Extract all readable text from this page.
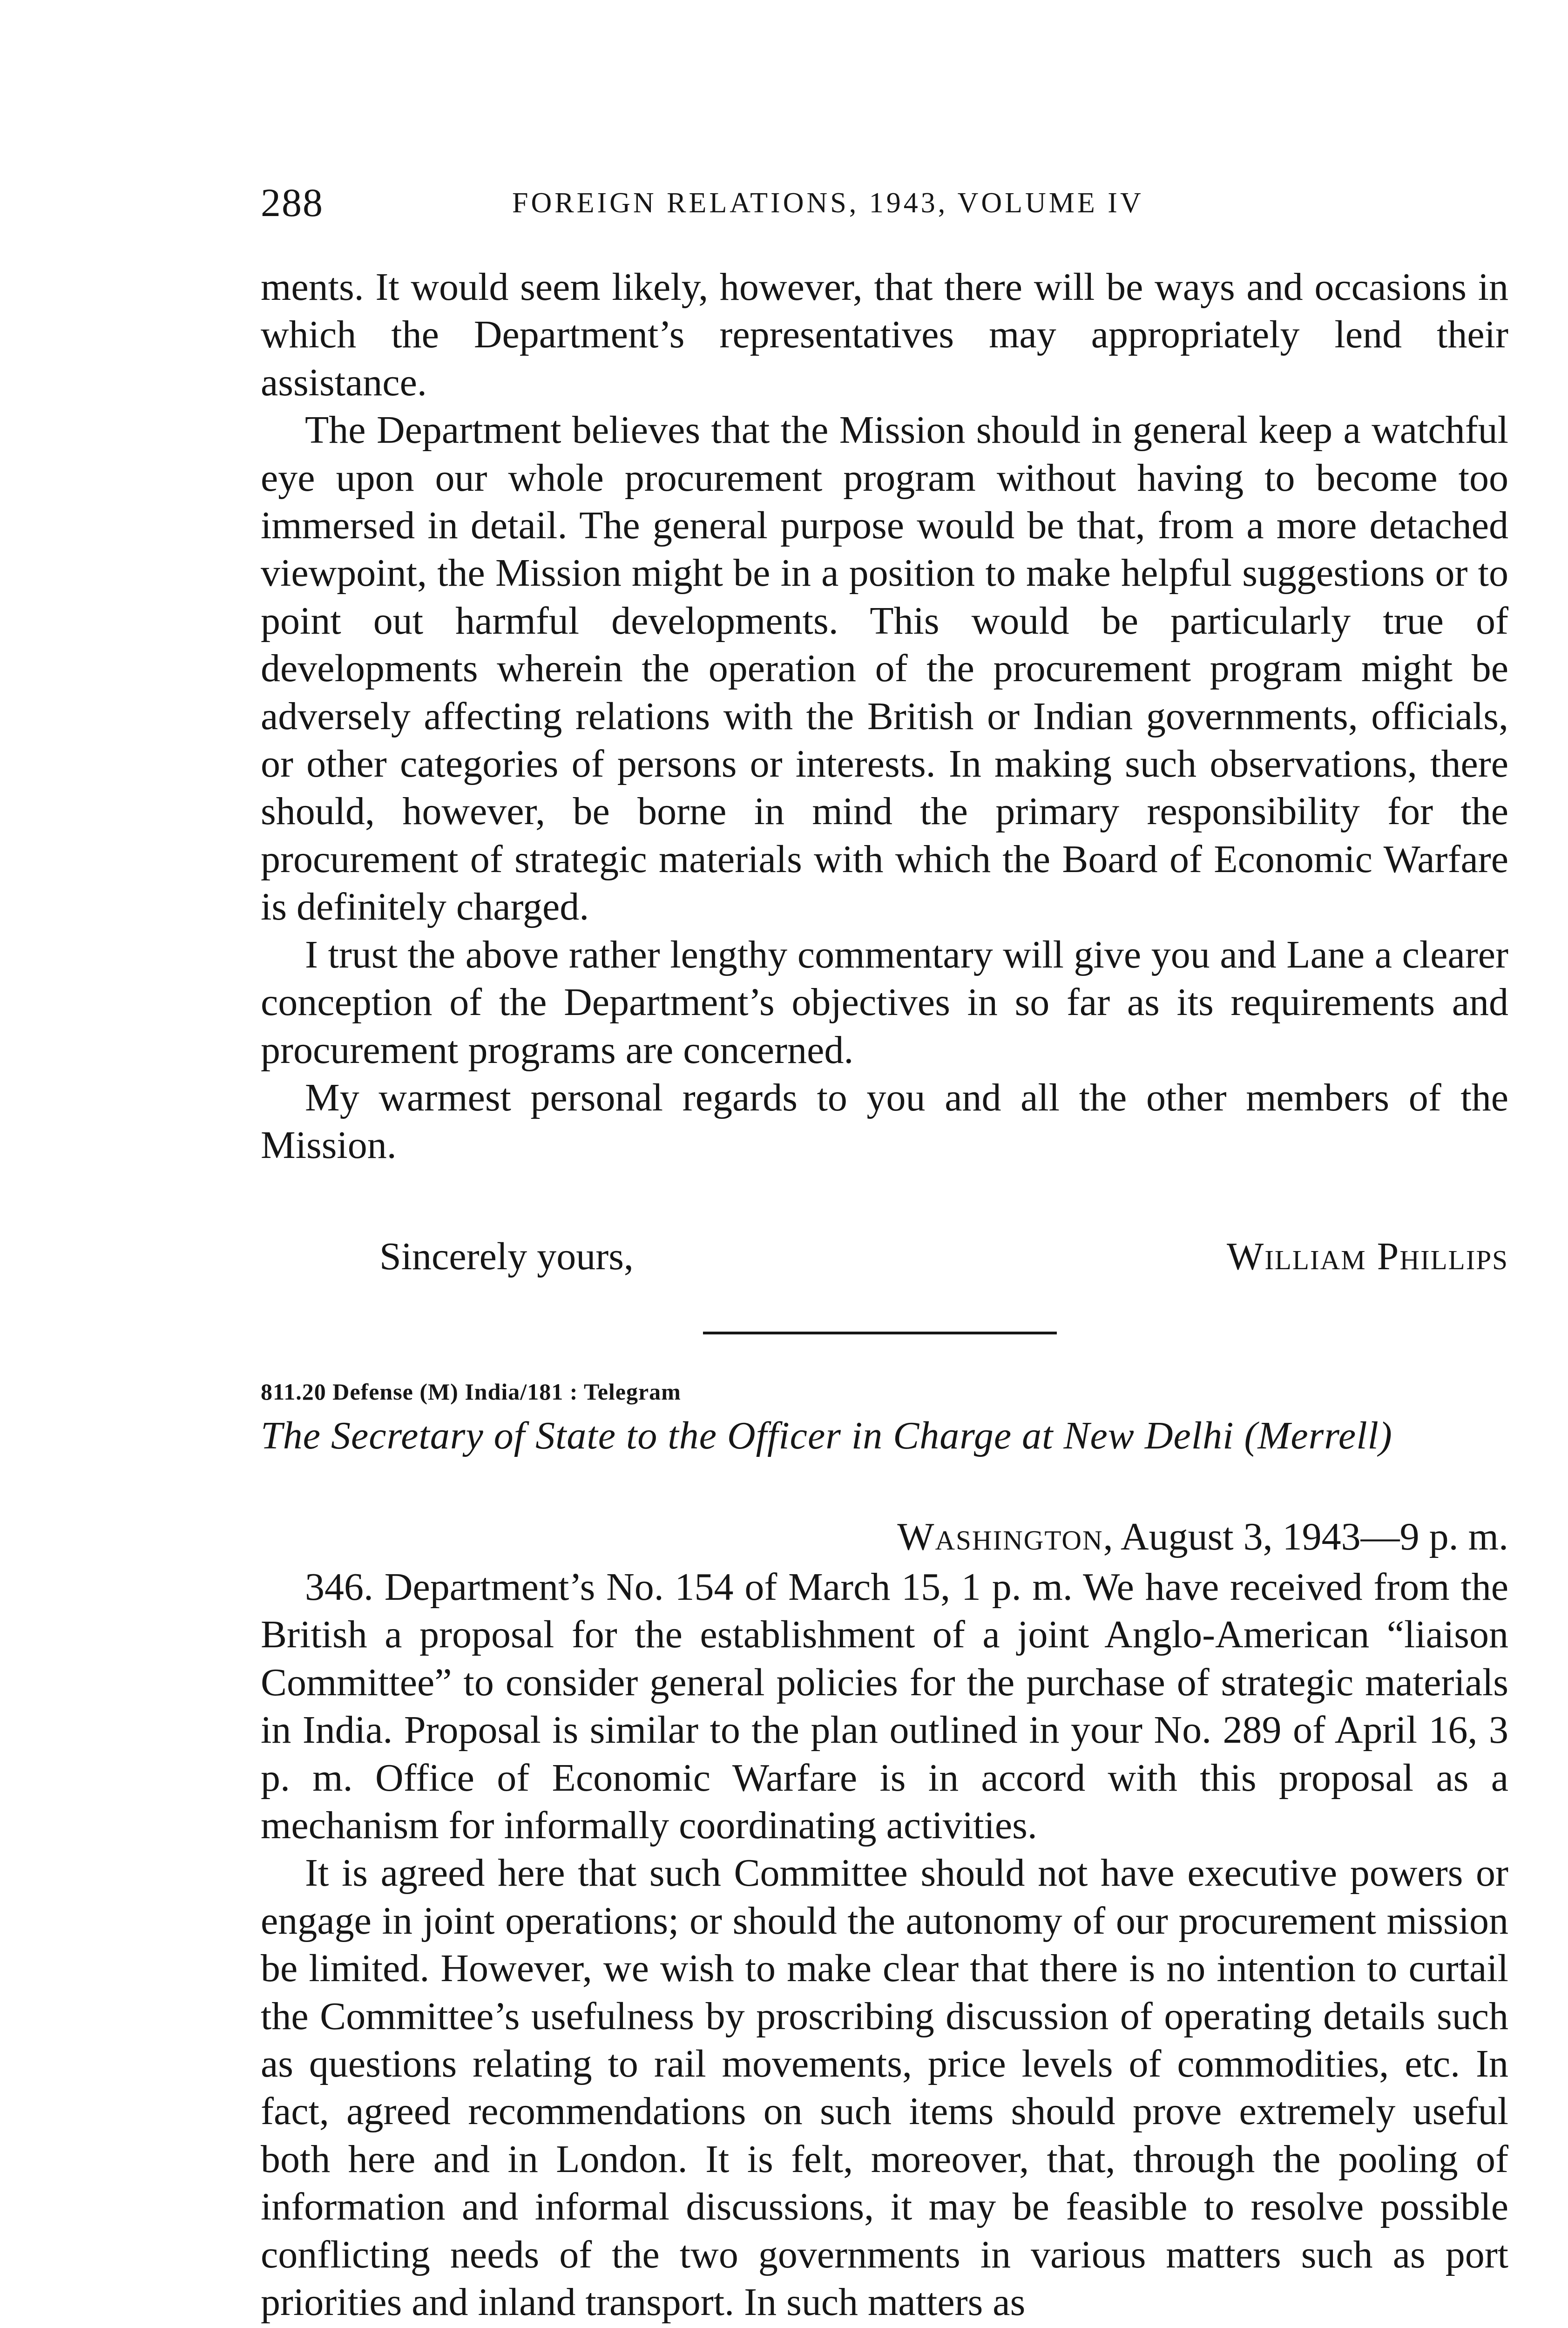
288	FOREIGN RELATIONS, 1943, VOLUME IV

ments. It would seem likely, however, that there will be ways and occasions in which the Department’s representatives may appropriately lend their assistance.

The Department believes that the Mission should in general keep a watchful eye upon our whole procurement program without having to become too immersed in detail. The general purpose would be that, from a more detached viewpoint, the Mission might be in a position to make helpful suggestions or to point out harmful developments. This would be particularly true of developments wherein the operation of the procurement program might be adversely affecting relations with the British or Indian governments, officials, or other categories of persons or interests. In making such observations, there should, however, be borne in mind the primary responsibility for the procurement of strategic materials with which the Board of Economic Warfare is definitely charged.

I trust the above rather lengthy commentary will give you and Lane a clearer conception of the Department’s objectives in so far as its requirements and procurement programs are concerned.

My warmest personal regards to you and all the other members of the Mission.

Sincerely yours,	William Phillips
811.20 Defense (M) India/181 : Telegram
The Secretary of State to the Officer in Charge at New Delhi (Merrell)
Washington, August 3, 1943—9 p. m.

346. Department’s No. 154 of March 15, 1 p. m. We have received from the British a proposal for the establishment of a joint Anglo-American “liaison Committee” to consider general policies for the purchase of strategic materials in India. Proposal is similar to the plan outlined in your No. 289 of April 16, 3 p. m. Office of Economic Warfare is in accord with this proposal as a mechanism for informally coordinating activities.

It is agreed here that such Committee should not have executive powers or engage in joint operations; or should the autonomy of our procurement mission be limited. However, we wish to make clear that there is no intention to curtail the Committee’s usefulness by proscribing discussion of operating details such as questions relating to rail movements, price levels of commodities, etc. In fact, agreed recommendations on such items should prove extremely useful both here and in London. It is felt, moreover, that, through the pooling of information and informal discussions, it may be feasible to resolve possible conflicting needs of the two governments in various matters such as port priorities and inland transport. In such matters as
